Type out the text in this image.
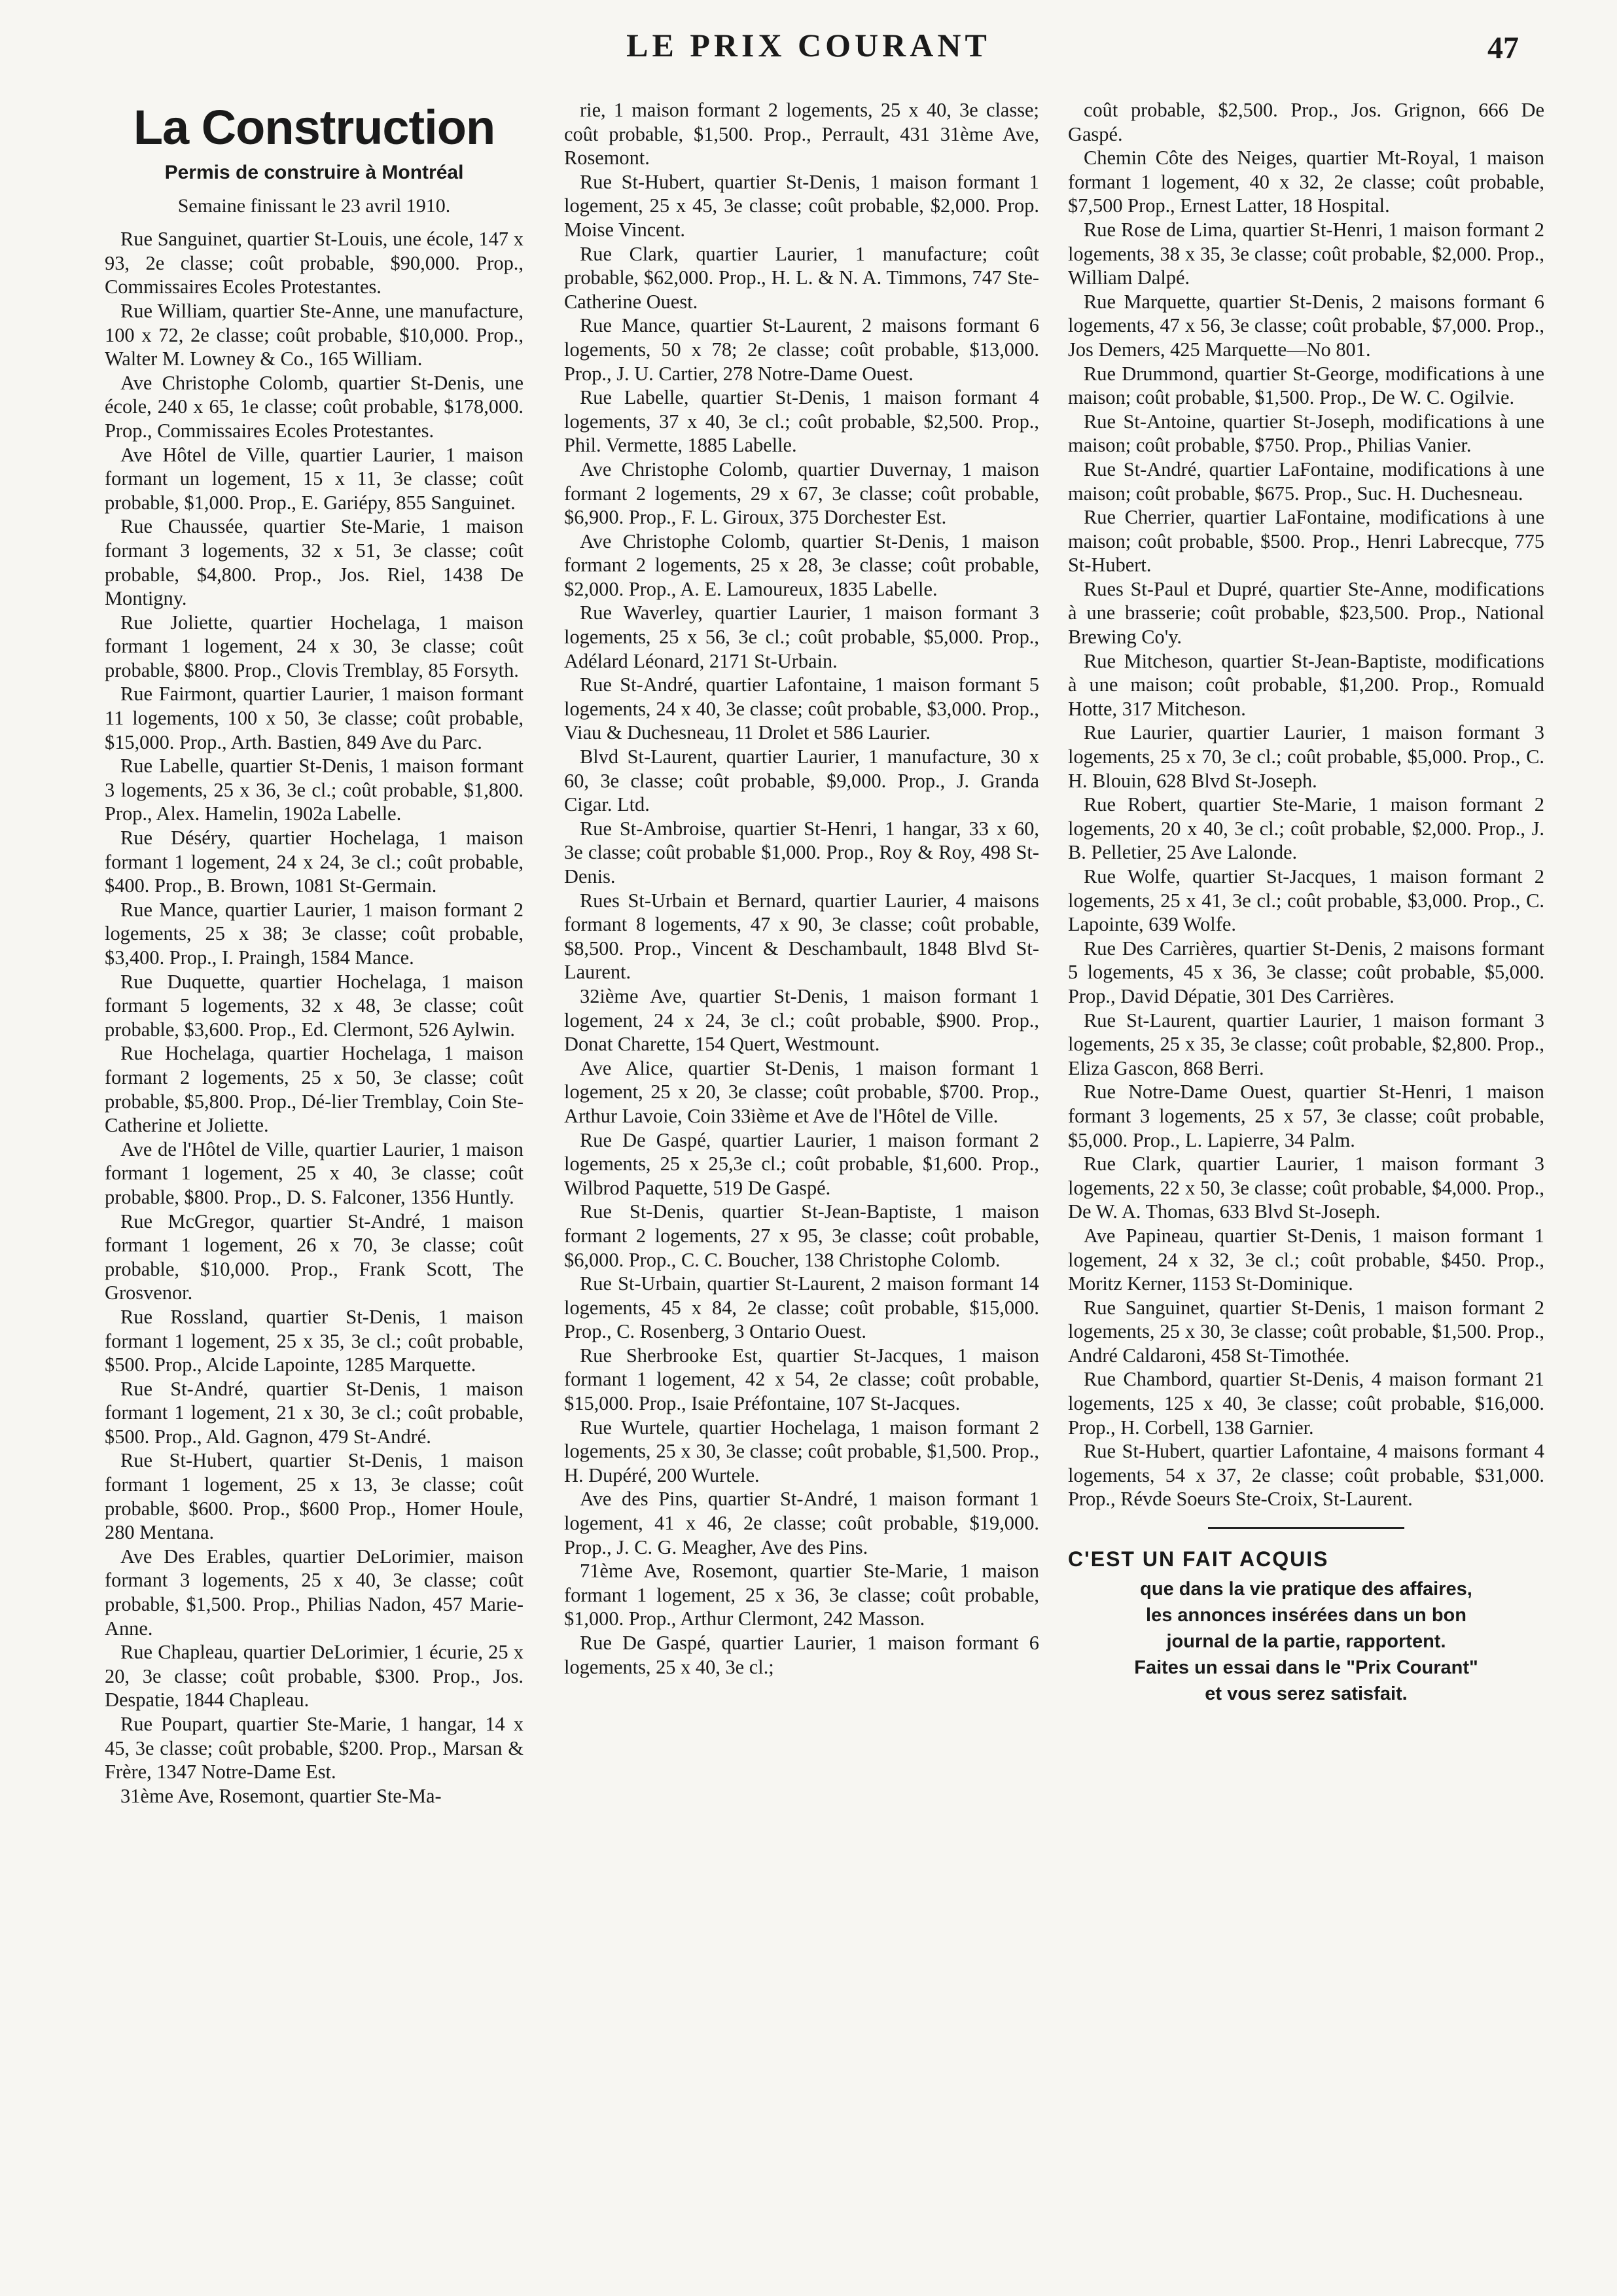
LE PRIX COURANT	47
La Construction
Permis de construire à Montréal
Semaine finissant le 23 avril 1910.

Rue Sanguinet, quartier St-Louis, une école, 147 x 93, 2e classe; coût probable, $90,000. Prop., Commissaires Ecoles Protestantes.

Rue William, quartier Ste-Anne, une manufacture, 100 x 72, 2e classe; coût probable, $10,000. Prop., Walter M. Lowney & Co., 165 William.

Ave Christophe Colomb, quartier St-Denis, une école, 240 x 65, 1e classe; coût probable, $178,000. Prop., Commissaires Ecoles Protestantes.

Ave Hôtel de Ville, quartier Laurier, 1 maison formant un logement, 15 x 11, 3e classe; coût probable, $1,000. Prop., E. Gariépy, 855 Sanguinet.

Rue Chaussée, quartier Ste-Marie, 1 maison formant 3 logements, 32 x 51, 3e classe; coût probable, $4,800. Prop., Jos. Riel, 1438 De Montigny.

Rue Joliette, quartier Hochelaga, 1 maison formant 1 logement, 24 x 30, 3e classe; coût probable, $800. Prop., Clovis Tremblay, 85 Forsyth.

Rue Fairmont, quartier Laurier, 1 maison formant 11 logements, 100 x 50, 3e classe; coût probable, $15,000. Prop., Arth. Bastien, 849 Ave du Parc.

Rue Labelle, quartier St-Denis, 1 maison formant 3 logements, 25 x 36, 3e cl.; coût probable, $1,800. Prop., Alex. Hamelin, 1902a Labelle.

Rue Déséry, quartier Hochelaga, 1 maison formant 1 logement, 24 x 24, 3e cl.; coût probable, $400. Prop., B. Brown, 1081 St-Germain.

Rue Mance, quartier Laurier, 1 maison formant 2 logements, 25 x 38; 3e classe; coût probable, $3,400. Prop., I. Praingh, 1584 Mance.

Rue Duquette, quartier Hochelaga, 1 maison formant 5 logements, 32 x 48, 3e classe; coût probable, $3,600. Prop., Ed. Clermont, 526 Aylwin.

Rue Hochelaga, quartier Hochelaga, 1 maison formant 2 logements, 25 x 50, 3e classe; coût probable, $5,800. Prop., Dé-lier Tremblay, Coin Ste-Catherine et Joliette.

Ave de l'Hôtel de Ville, quartier Laurier, 1 maison formant 1 logement, 25 x 40, 3e classe; coût probable, $800. Prop., D. S. Falconer, 1356 Huntly.

Rue McGregor, quartier St-André, 1 maison formant 1 logement, 26 x 70, 3e classe; coût probable, $10,000. Prop., Frank Scott, The Grosvenor.

Rue Rossland, quartier St-Denis, 1 maison formant 1 logement, 25 x 35, 3e cl.; coût probable, $500. Prop., Alcide Lapointe, 1285 Marquette.

Rue St-André, quartier St-Denis, 1 maison formant 1 logement, 21 x 30, 3e cl.; coût probable, $500. Prop., Ald. Gagnon, 479 St-André.

Rue St-Hubert, quartier St-Denis, 1 maison formant 1 logement, 25 x 13, 3e classe; coût probable, $600. Prop., $600 Prop., Homer Houle, 280 Mentana.

Ave Des Erables, quartier DeLorimier, maison formant 3 logements, 25 x 40, 3e classe; coût probable, $1,500. Prop., Philias Nadon, 457 Marie-Anne.

Rue Chapleau, quartier DeLorimier, 1 écurie, 25 x 20, 3e classe; coût probable, $300. Prop., Jos. Despatie, 1844 Chapleau.

Rue Poupart, quartier Ste-Marie, 1 hangar, 14 x 45, 3e classe; coût probable, $200. Prop., Marsan & Frère, 1347 Notre-Dame Est.

31ème Ave, Rosemont, quartier Ste-Ma-

rie, 1 maison formant 2 logements, 25 x 40, 3e classe; coût probable, $1,500. Prop., Perrault, 431 31ème Ave, Rosemont.

Rue St-Hubert, quartier St-Denis, 1 maison formant 1 logement, 25 x 45, 3e classe; coût probable, $2,000. Prop. Moise Vincent.

Rue Clark, quartier Laurier, 1 manufacture; coût probable, $62,000. Prop., H. L. & N. A. Timmons, 747 Ste-Catherine Ouest.

Rue Mance, quartier St-Laurent, 2 maisons formant 6 logements, 50 x 78; 2e classe; coût probable, $13,000. Prop., J. U. Cartier, 278 Notre-Dame Ouest.

Rue Labelle, quartier St-Denis, 1 maison formant 4 logements, 37 x 40, 3e cl.; coût probable, $2,500. Prop., Phil. Vermette, 1885 Labelle.

Ave Christophe Colomb, quartier Duvernay, 1 maison formant 2 logements, 29 x 67, 3e classe; coût probable, $6,900. Prop., F. L. Giroux, 375 Dorchester Est.

Ave Christophe Colomb, quartier St-Denis, 1 maison formant 2 logements, 25 x 28, 3e classe; coût probable, $2,000. Prop., A. E. Lamoureux, 1835 Labelle.

Rue Waverley, quartier Laurier, 1 maison formant 3 logements, 25 x 56, 3e cl.; coût probable, $5,000. Prop., Adélard Léonard, 2171 St-Urbain.

Rue St-André, quartier Lafontaine, 1 maison formant 5 logements, 24 x 40, 3e classe; coût probable, $3,000. Prop., Viau & Duchesneau, 11 Drolet et 586 Laurier.

Blvd St-Laurent, quartier Laurier, 1 manufacture, 30 x 60, 3e classe; coût probable, $9,000. Prop., J. Granda Cigar. Ltd.

Rue St-Ambroise, quartier St-Henri, 1 hangar, 33 x 60, 3e classe; coût probable $1,000. Prop., Roy & Roy, 498 St-Denis.

Rues St-Urbain et Bernard, quartier Laurier, 4 maisons formant 8 logements, 47 x 90, 3e classe; coût probable, $8,500. Prop., Vincent & Deschambault, 1848 Blvd St-Laurent.

32ième Ave, quartier St-Denis, 1 maison formant 1 logement, 24 x 24, 3e cl.; coût probable, $900. Prop., Donat Charette, 154 Quert, Westmount.

Ave Alice, quartier St-Denis, 1 maison formant 1 logement, 25 x 20, 3e classe; coût probable, $700. Prop., Arthur Lavoie, Coin 33ième et Ave de l'Hôtel de Ville.

Rue De Gaspé, quartier Laurier, 1 maison formant 2 logements, 25 x 25,3e cl.; coût probable, $1,600. Prop., Wilbrod Paquette, 519 De Gaspé.

Rue St-Denis, quartier St-Jean-Baptiste, 1 maison formant 2 logements, 27 x 95, 3e classe; coût probable, $6,000. Prop., C. C. Boucher, 138 Christophe Colomb.

Rue St-Urbain, quartier St-Laurent, 2 maison formant 14 logements, 45 x 84, 2e classe; coût probable, $15,000. Prop., C. Rosenberg, 3 Ontario Ouest.

Rue Sherbrooke Est, quartier St-Jacques, 1 maison formant 1 logement, 42 x 54, 2e classe; coût probable, $15,000. Prop., Isaie Préfontaine, 107 St-Jacques.

Rue Wurtele, quartier Hochelaga, 1 maison formant 2 logements, 25 x 30, 3e classe; coût probable, $1,500. Prop., H. Dupéré, 200 Wurtele.

Ave des Pins, quartier St-André, 1 maison formant 1 logement, 41 x 46, 2e classe; coût probable, $19,000. Prop., J. C. G. Meagher, Ave des Pins.

71ème Ave, Rosemont, quartier Ste-Marie, 1 maison formant 1 logement, 25 x 36, 3e classe; coût probable, $1,000. Prop., Arthur Clermont, 242 Masson.

Rue De Gaspé, quartier Laurier, 1 maison formant 6 logements, 25 x 40, 3e cl.;

coût probable, $2,500. Prop., Jos. Grignon, 666 De Gaspé.

Chemin Côte des Neiges, quartier Mt-Royal, 1 maison formant 1 logement, 40 x 32, 2e classe; coût probable, $7,500 Prop., Ernest Latter, 18 Hospital.

Rue Rose de Lima, quartier St-Henri, 1 maison formant 2 logements, 38 x 35, 3e classe; coût probable, $2,000. Prop., William Dalpé.

Rue Marquette, quartier St-Denis, 2 maisons formant 6 logements, 47 x 56, 3e classe; coût probable, $7,000. Prop., Jos Demers, 425 Marquette—No 801.

Rue Drummond, quartier St-George, modifications à une maison; coût probable, $1,500. Prop., De W. C. Ogilvie.

Rue St-Antoine, quartier St-Joseph, modifications à une maison; coût probable, $750. Prop., Philias Vanier.

Rue St-André, quartier LaFontaine, modifications à une maison; coût probable, $675. Prop., Suc. H. Duchesneau.

Rue Cherrier, quartier LaFontaine, modifications à une maison; coût probable, $500. Prop., Henri Labrecque, 775 St-Hubert.

Rues St-Paul et Dupré, quartier Ste-Anne, modifications à une brasserie; coût probable, $23,500. Prop., National Brewing Co'y.

Rue Mitcheson, quartier St-Jean-Baptiste, modifications à une maison; coût probable, $1,200. Prop., Romuald Hotte, 317 Mitcheson.

Rue Laurier, quartier Laurier, 1 maison formant 3 logements, 25 x 70, 3e cl.; coût probable, $5,000. Prop., C. H. Blouin, 628 Blvd St-Joseph.

Rue Robert, quartier Ste-Marie, 1 maison formant 2 logements, 20 x 40, 3e cl.; coût probable, $2,000. Prop., J. B. Pelletier, 25 Ave Lalonde.

Rue Wolfe, quartier St-Jacques, 1 maison formant 2 logements, 25 x 41, 3e cl.; coût probable, $3,000. Prop., C. Lapointe, 639 Wolfe.

Rue Des Carrières, quartier St-Denis, 2 maisons formant 5 logements, 45 x 36, 3e classe; coût probable, $5,000. Prop., David Dépatie, 301 Des Carrières.

Rue St-Laurent, quartier Laurier, 1 maison formant 3 logements, 25 x 35, 3e classe; coût probable, $2,800. Prop., Eliza Gascon, 868 Berri.

Rue Notre-Dame Ouest, quartier St-Henri, 1 maison formant 3 logements, 25 x 57, 3e classe; coût probable, $5,000. Prop., L. Lapierre, 34 Palm.

Rue Clark, quartier Laurier, 1 maison formant 3 logements, 22 x 50, 3e classe; coût probable, $4,000. Prop., De W. A. Thomas, 633 Blvd St-Joseph.

Ave Papineau, quartier St-Denis, 1 maison formant 1 logement, 24 x 32, 3e cl.; coût probable, $450. Prop., Moritz Kerner, 1153 St-Dominique.

Rue Sanguinet, quartier St-Denis, 1 maison formant 2 logements, 25 x 30, 3e classe; coût probable, $1,500. Prop., André Caldaroni, 458 St-Timothée.

Rue Chambord, quartier St-Denis, 4 maison formant 21 logements, 125 x 40, 3e classe; coût probable, $16,000. Prop., H. Corbell, 138 Garnier.

Rue St-Hubert, quartier Lafontaine, 4 maisons formant 4 logements, 54 x 37, 2e classe; coût probable, $31,000. Prop., Révde Soeurs Ste-Croix, St-Laurent.

C'EST UN FAIT ACQUIS
que dans la vie pratique des affaires,
les annonces insérées dans un bon
journal de la partie, rapportent.
Faites un essai dans le "Prix Courant"
et vous serez satisfait.
